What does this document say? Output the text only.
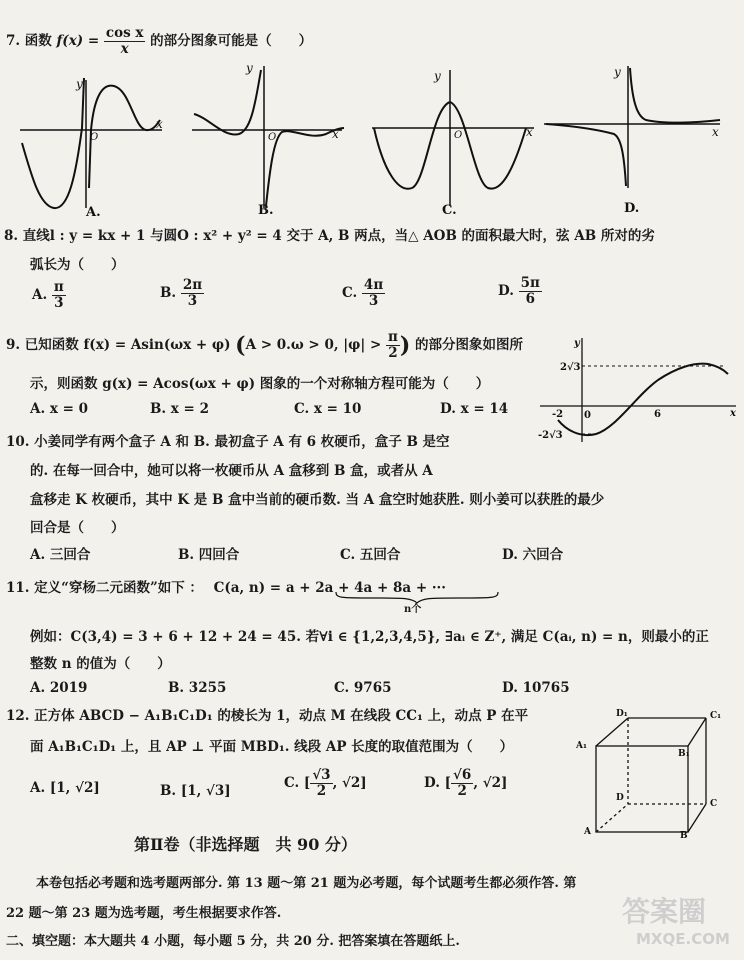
7. 函数 $f(x) = \frac{\text{cos x}}{x}$ 的部分图象可能是（　　）
x
y
O	x
y
O	x
y
O	x
y
A.	B.	C.	D.
8. 直线l : y = kx + 1 与圆O : x² + y² = 4 交于 A, B 两点，当△ AOB 的面积最大时，弦 AB 所对的劣
弧长为（　　）
A. $\frac{\pi}{3}$	B. $\frac{2\pi}{3}$	C. $\frac{4\pi}{3}$	D. $\frac{5\pi}{6}$
9. 已知函数 f(x) = Asin(ωx + φ) (A > 0.ω > 0, $|\varphi| > \frac{\pi}{2}$ ) 的部分图象如图所
示，则函数 g(x) = Acos(ωx + φ) 图象的一个对称轴方程可能为（　　）
A. x = 0	B. x = 2	C. x = 10	D. x = 14
y
2√3
-2√3
-2 0	6	x
10. 小姜同学有两个盒子 A 和 B. 最初盒子 A 有 6 枚硬币，盒子 B 是空
的. 在每一回合中，她可以将一枚硬币从 A 盒移到 B 盒，或者从 A
盒移走 K 枚硬币，其中 K 是 B 盒中当前的硬币数. 当 A 盒空时她获胜. 则小姜可以获胜的最少
回合是（　　）
A. 三回合	B. 四回合	C. 五回合	D. 六回合
11. 定义“穿杨二元函数”如下 ： C(a, n) = a + 2a + 4a + 8a + ···
n个
例如：C(3,4) = 3 + 6 + 12 + 24 = 45. 若∀i ∈ {1,2,3,4,5}, ∃aᵢ ∈ Z⁺, 满足 C(aᵢ, n) = n，则最小的正
整数 n 的值为（　　）
A. 2019	B. 3255	C. 9765	D. 10765
12. 正方体 ABCD − A₁B₁C₁D₁ 的棱长为 1，动点 M 在线段 CC₁ 上，动点 P 在平
面 A₁B₁C₁D₁ 上，且 AP ⊥ 平面 MBD₁. 线段 AP 长度的取值范围为（　　）
A. [1, √2]	B. [1, √3]
C. [ $\frac{√3}{2}$ , √2]	D. [ $\frac{√6}{2}$ , √2]
D₁	C₁
A₁
B₁
D
C
A	B
第Ⅱ卷（非选择题　共 90 分）
本卷包括必考题和选考题两部分. 第 13 题～第 21 题为必考题，每个试题考生都必须作答. 第
22 题～第 23 题为选考题，考生根据要求作答.
二、填空题：本大题共 4 小题，每小题 5 分，共 20 分. 把答案填在答题纸上.
答案圈
MXQE.COM
